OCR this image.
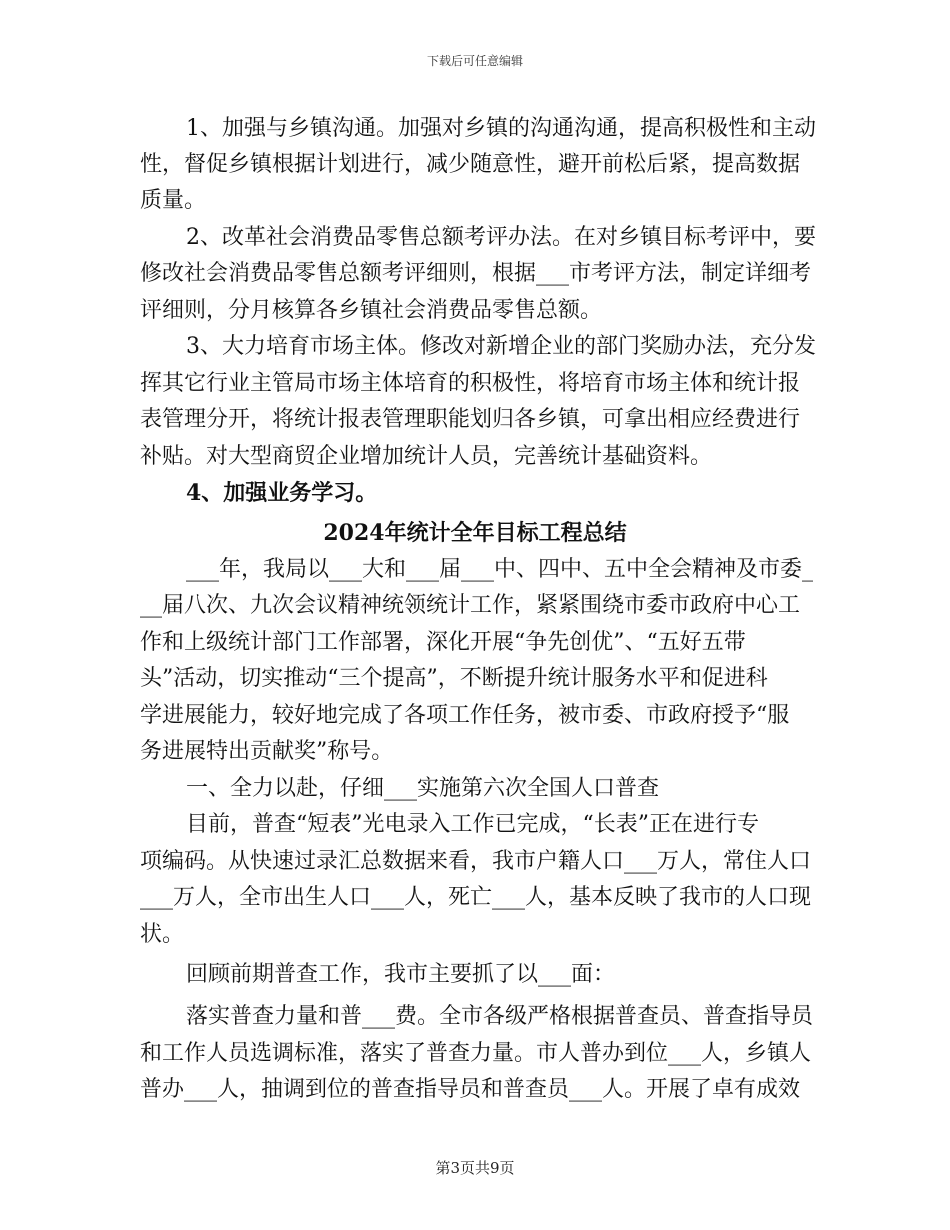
下载后可任意编辑
1、加强与乡镇沟通。加强对乡镇的沟通沟通，提高积极性和主动
性，督促乡镇根据计划进行，减少随意性，避开前松后紧，提高数据
质量。
2、改革社会消费品零售总额考评办法。在对乡镇目标考评中，要
修改社会消费品零售总额考评细则，根据___市考评方法，制定详细考
评细则，分月核算各乡镇社会消费品零售总额。
3、大力培育市场主体。修改对新增企业的部门奖励办法，充分发
挥其它行业主管局市场主体培育的积极性，将培育市场主体和统计报
表管理分开，将统计报表管理职能划归各乡镇，可拿出相应经费进行
补贴。对大型商贸企业增加统计人员，完善统计基础资料。
4、加强业务学习。
2024年统计全年目标工程总结
___年，我局以___大和___届___中、四中、五中全会精神及市委_
__届八次、九次会议精神统领统计工作，紧紧围绕市委市政府中心工
作和上级统计部门工作部署，深化开展“争先创优”、“五好五带
头”活动，切实推动“三个提高”，不断提升统计服务水平和促进科
学进展能力，较好地完成了各项工作任务，被市委、市政府授予“服
务进展特出贡献奖”称号。
一、全力以赴，仔细___实施第六次全国人口普查
目前，普查“短表”光电录入工作已完成，“长表”正在进行专
项编码。从快速过录汇总数据来看，我市户籍人口___万人，常住人口
___万人，全市出生人口___人，死亡___人，基本反映了我市的人口现
状。
回顾前期普查工作，我市主要抓了以___面：
落实普查力量和普___费。全市各级严格根据普查员、普查指导员
和工作人员选调标准，落实了普查力量。市人普办到位___人，乡镇人
普办___人，抽调到位的普查指导员和普查员___人。开展了卓有成效
第3页共9页
